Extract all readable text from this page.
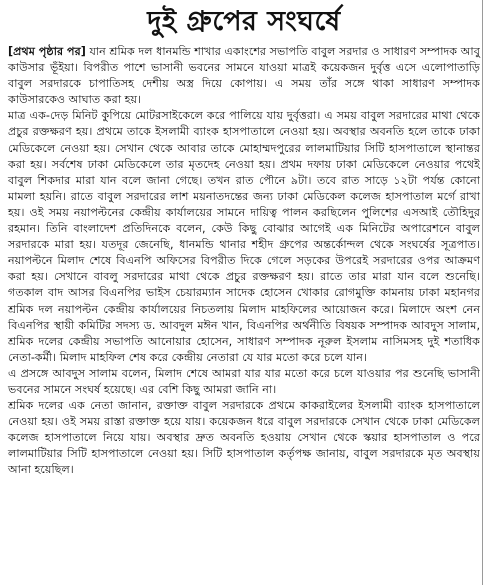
দুই গ্রুপের সংঘর্ষে

[প্রথম পৃষ্ঠার পর] যান শ্রমিক দল ধানমন্ডি শাখার একাংশের সভাপতি বাবুল সরদার ও সাধারণ সম্পাদক আবু কাউসার ভূঁইয়া। বিপরীত পাশে ভাসানী ভবনের সামনে যাওয়া মাত্রই কয়েকজন দুর্বৃত্ত এসে এলোপাতাড়ি বাবুল সরদারকে চাপাতিসহ দেশীয় অস্ত্র দিয়ে কোপায়। এ সময় তাঁর সঙ্গে থাকা সাধারণ সম্পাদক কাউসারকেও আঘাত করা হয়।

মাত্র এক-দেড় মিনিট কুপিয়ে মোটরসাইকেলে করে পালিয়ে যায় দুর্বৃত্তরা। এ সময় বাবুল সরদারের মাথা থেকে প্রচুর রক্তক্ষরণ হয়। প্রথমে তাকে ইসলামী ব্যাংক হাসপাতালে নেওয়া হয়। অবস্থার অবনতি হলে তাকে ঢাকা মেডিকেলে নেওয়া হয়। সেখান থেকে আবার তাকে মোহাম্মদপুরের লালমাটিয়ার সিটি হাসপাতালে স্থানান্তর করা হয়। সর্বশেষ ঢাকা মেডিকেলে তার মৃতদেহ নেওয়া হয়। প্রথম দফায় ঢাকা মেডিকেলে নেওয়ার পথেই বাবুল শিকদার মারা যান বলে জানা গেছে। তখন রাত পৌনে ৯টা। তবে রাত সাড়ে ১২টা পর্যন্ত কোনো মামলা হয়নি। রাতে বাবুল সরদারের লাশ ময়নাতদন্তের জন্য ঢাকা মেডিকেল কলেজ হাসপাতাল মর্গে রাখা হয়। ওই সময় নয়াপল্টনের কেন্দ্রীয় কার্যালয়ের সামনে দায়িত্ব পালন করছিলেন পুলিশের এসআই তৌহিদুর রহমান। তিনি বাংলাদেশ প্রতিদিনকে বলেন, কেউ কিছু বোঝার আগেই এক মিনিটের অপারেশনে বাবুল সরদারকে মারা হয়। যতদূর জেনেছি, ধানমন্ডি থানার শহীদ গ্রুপের অন্তর্কোন্দল থেকে সংঘর্ষের সূত্রপাত। নয়াপল্টনে মিলাদ শেষে বিএনপি অফিসের বিপরীত দিকে গেলে সড়কের উপরেই সরদারের ওপর আক্রমণ করা হয়। সেখানে বাবলু সরদারের মাথা থেকে প্রচুর রক্তক্ষরণ হয়। রাতে তার মারা যান বলে শুনেছি। গতকাল বাদ আসর বিএনপির ভাইস চেয়ারম্যান সাদেক হোসেন খোকার রোগমুক্তি কামনায় ঢাকা মহানগর শ্রমিক দল নয়াপল্টন কেন্দ্রীয় কার্যালয়ের নিচতলায় মিলাদ মাহফিলের আয়োজন করে। মিলাদে অংশ নেন বিএনপির স্থায়ী কমিটির সদস্য ড. আবদুল মঈন খান, বিএনপির অর্থনীতি বিষয়ক সম্পাদক আবদুস সালাম, শ্রমিক দলের কেন্দ্রীয় সভাপতি আনোয়ার হোসেন, সাধারণ সম্পাদক নূরুল ইসলাম নাসিমসহ দুই শতাধিক নেতা-কর্মী। মিলাদ মাহফিল শেষ করে কেন্দ্রীয় নেতারা যে যার মতো করে চলে যান।

এ প্রসঙ্গে আবদুস সালাম বলেন, মিলাদ শেষে আমরা যার যার মতো করে চলে যাওয়ার পর শুনেছি ভাসানী ভবনের সামনে সংঘর্ষ হয়েছে। এর বেশি কিছু আমরা জানি না।

শ্রমিক দলের এক নেতা জানান, রক্তাক্ত বাবুল সরদারকে প্রথমে কাকরাইলের ইসলামী ব্যাংক হাসপাতালে নেওয়া হয়। ওই সময় রাস্তা রক্তাক্ত হয়ে যায়। কয়েকজন ধরে বাবুল সরদারকে সেখান থেকে ঢাকা মেডিকেল কলেজ হাসপাতালে নিয়ে যায়। অবস্থার দ্রুত অবনতি হওয়ায় সেখান থেকে স্কয়ার হাসপাতাল ও পরে লালমাটিয়ার সিটি হাসপাতালে নেওয়া হয়। সিটি হাসপাতাল কর্তৃপক্ষ জানায়, বাবুল সরদারকে মৃত অবস্থায় আনা হয়েছিল।
